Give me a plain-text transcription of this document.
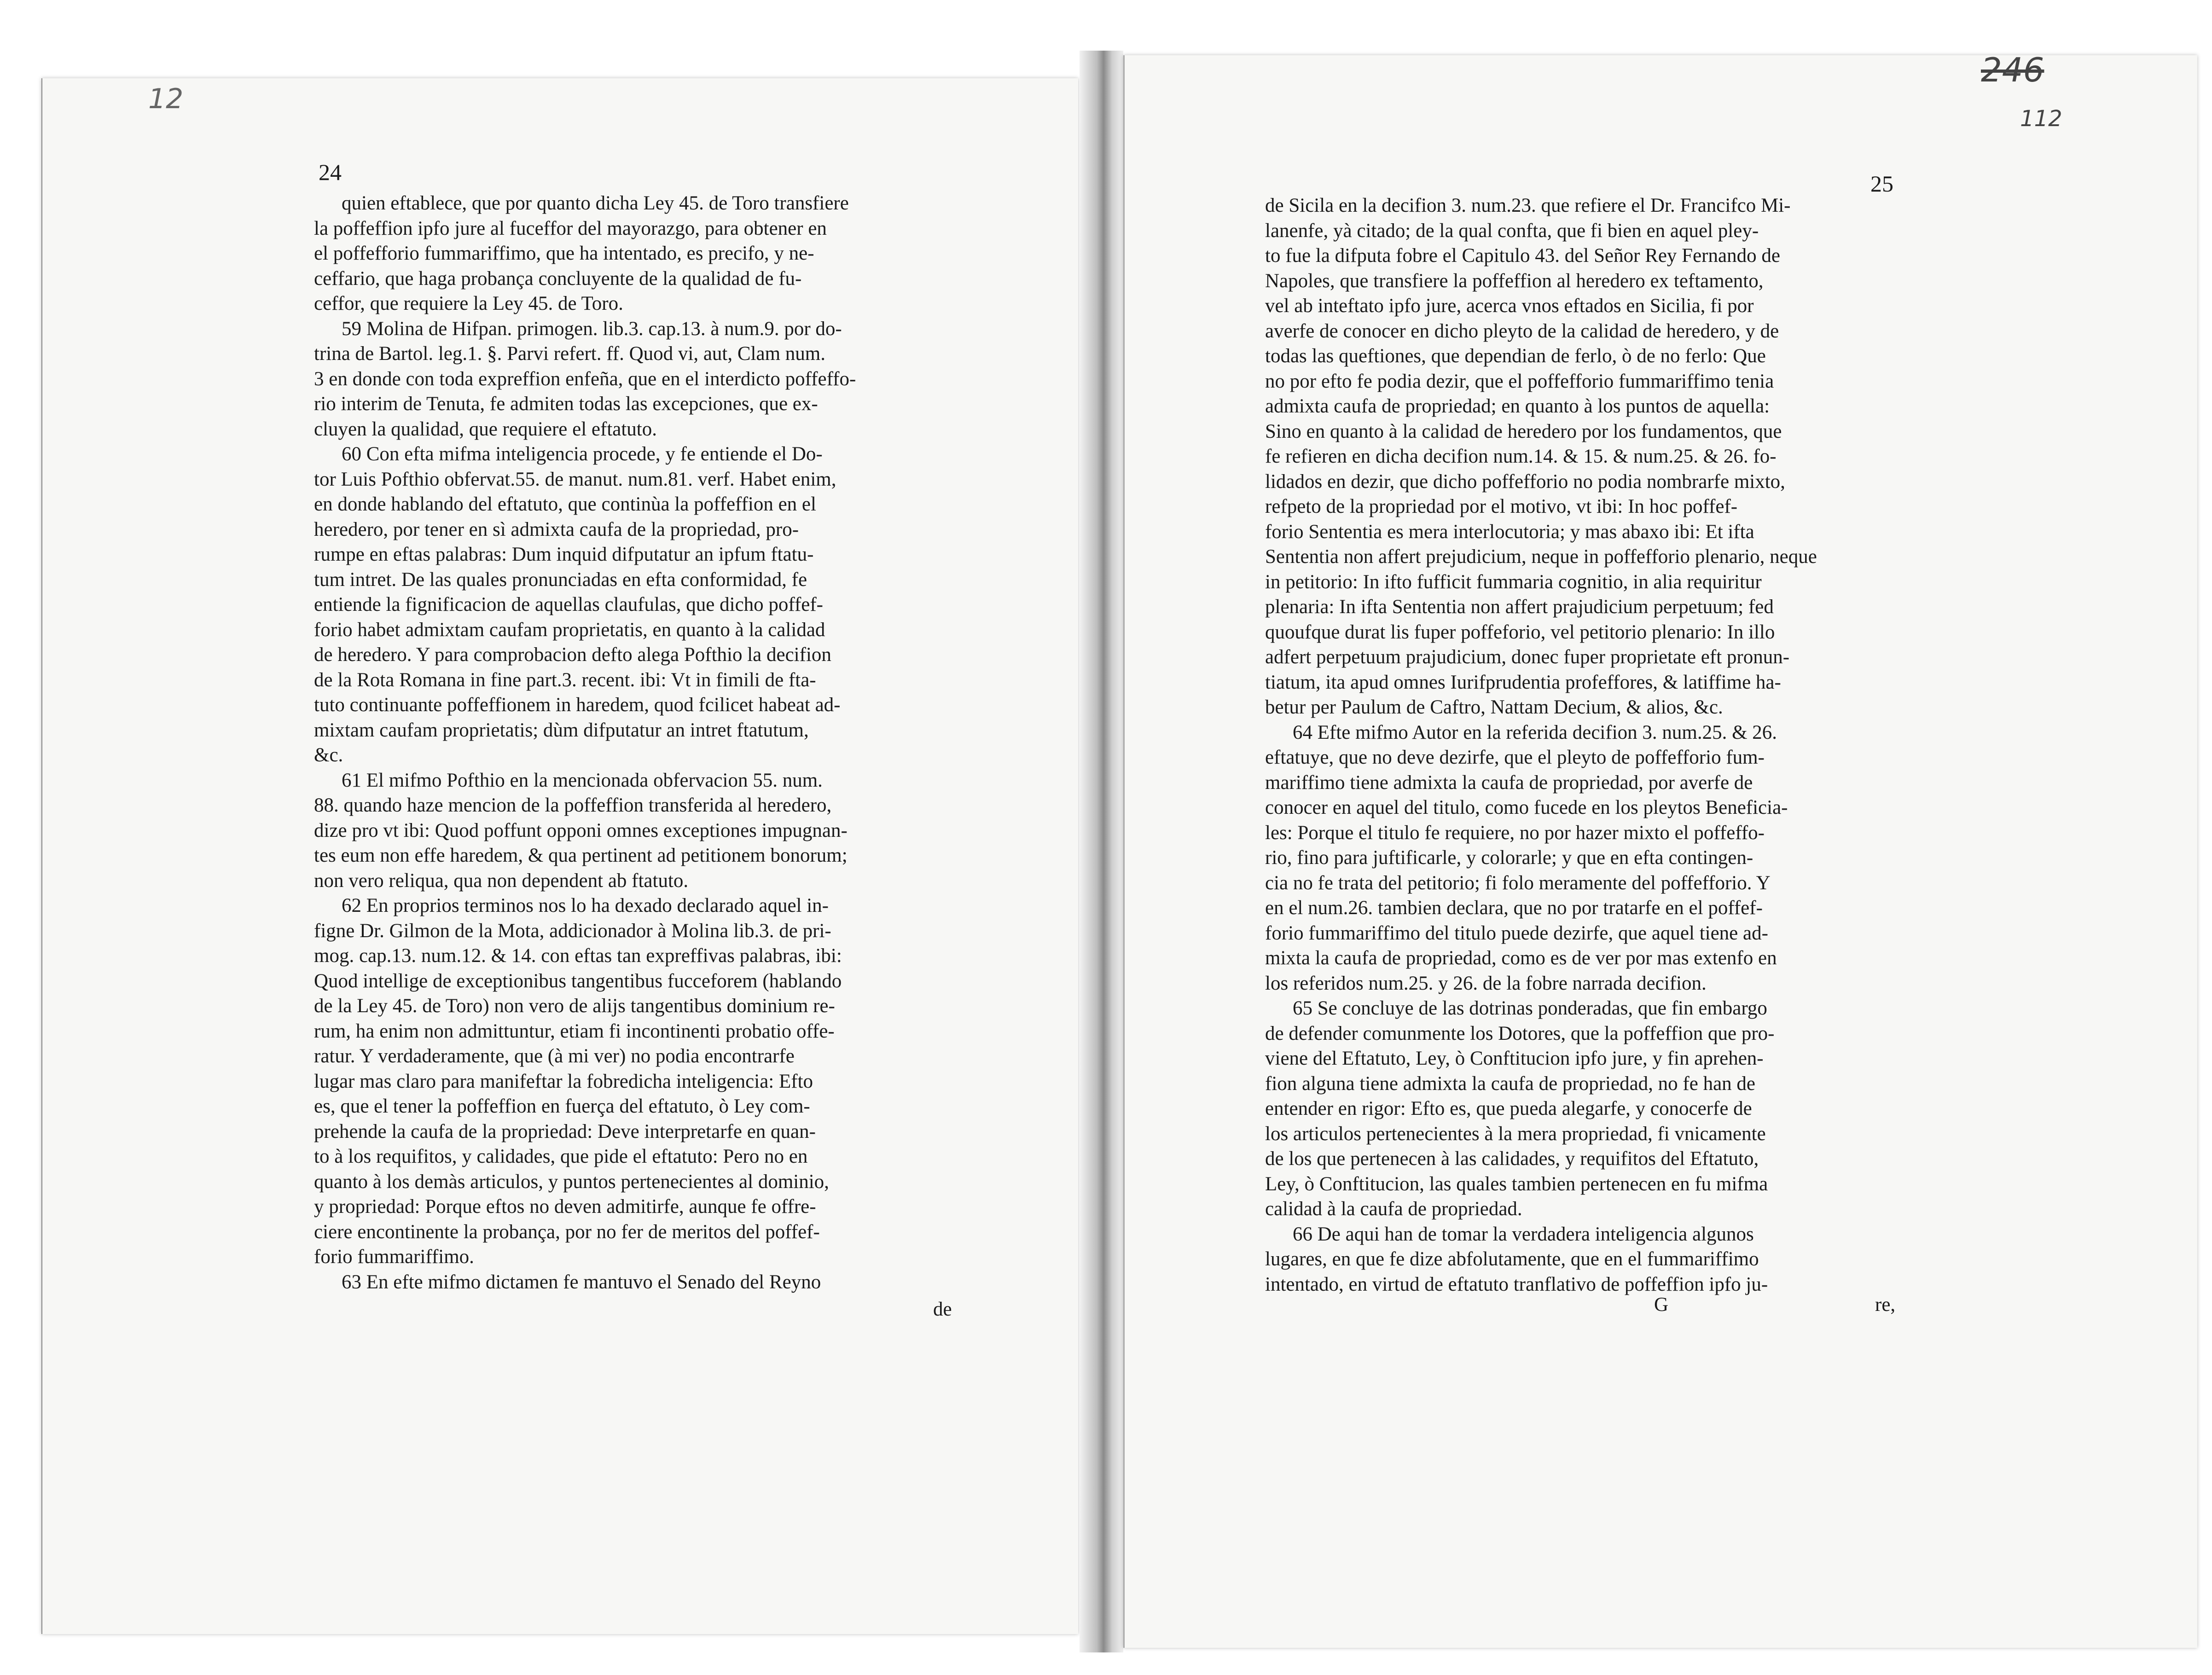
12
quien eftablece, que por quanto dicha Ley 45. de Toro transfiere
la poffeffion ipfo jure al fuceffor del mayorazgo, para obtener en
el poffefforio fummariffimo, que ha intentado, es precifo, y ne-
ceffario, que haga probança concluyente de la qualidad de fu-
ceffor, que requiere la Ley 45. de Toro.
59 Molina de Hifpan. primogen. lib.3. cap.13. à num.9. por do-
trina de Bartol. leg.1. §. Parvi refert. ff. Quod vi, aut, Clam num.
3 en donde con toda expreffion enfeña, que en el interdicto poffeffo-
rio interim de Tenuta, fe admiten todas las excepciones, que ex-
cluyen la qualidad, que requiere el eftatuto.
60 Con efta mifma inteligencia procede, y fe entiende el Do-
tor Luis Pofthio obfervat.55. de manut. num.81. verf. Habet enim,
en donde hablando del eftatuto, que continùa la poffeffion en el
heredero, por tener en sì admixta caufa de la propriedad, pro-
rumpe en eftas palabras: Dum inquid difputatur an ipfum ftatu-
tum intret. De las quales pronunciadas en efta conformidad, fe
entiende la fignificacion de aquellas claufulas, que dicho poffef-
forio habet admixtam caufam proprietatis, en quanto à la calidad
de heredero. Y para comprobacion defto alega Pofthio la decifion
de la Rota Romana in fine part.3. recent. ibi: Vt in fimili de fta-
tuto continuante poffeffionem in haredem, quod fcilicet habeat ad-
mixtam caufam proprietatis; dùm difputatur an intret ftatutum,
&c.
61 El mifmo Pofthio en la mencionada obfervacion 55. num.
88. quando haze mencion de la poffeffion transferida al heredero,
dize pro vt ibi: Quod poffunt opponi omnes exceptiones impugnan-
tes eum non effe haredem, & qua pertinent ad petitionem bonorum;
non vero reliqua, qua non dependent ab ftatuto.
62 En proprios terminos nos lo ha dexado declarado aquel in-
figne Dr. Gilmon de la Mota, addicionador à Molina lib.3. de pri-
mog. cap.13. num.12. & 14. con eftas tan expreffivas palabras, ibi:
Quod intellige de exceptionibus tangentibus fucceforem (hablando
de la Ley 45. de Toro) non vero de alijs tangentibus dominium re-
rum, ha enim non admittuntur, etiam fi incontinenti probatio offe-
ratur. Y verdaderamente, que (à mi ver) no podia encontrarfe
lugar mas claro para manifeftar la fobredicha inteligencia: Efto
es, que el tener la poffeffion en fuerça del eftatuto, ò Ley com-
prehende la caufa de la propriedad: Deve interpretarfe en quan-
to à los requifitos, y calidades, que pide el eftatuto: Pero no en
quanto à los demàs articulos, y puntos pertenecientes al dominio,
y propriedad: Porque eftos no deven admitirfe, aunque fe offre-
ciere encontinente la probança, por no fer de meritos del poffef-
forio fummariffimo.
63 En efte mifmo dictamen fe mantuvo el Senado del Reyno
24
de
246
112
25
de Sicila en la decifion 3. num.23. que refiere el Dr. Francifco Mi-
lanenfe, yà citado; de la qual confta, que fi bien en aquel pley-
to fue la difputa fobre el Capitulo 43. del Señor Rey Fernando de
Napoles, que transfiere la poffeffion al heredero ex teftamento,
vel ab inteftato ipfo jure, acerca vnos eftados en Sicilia, fi por
averfe de conocer en dicho pleyto de la calidad de heredero, y de
todas las queftiones, que dependian de ferlo, ò de no ferlo: Que
no por efto fe podia dezir, que el poffefforio fummariffimo tenia
admixta caufa de propriedad; en quanto à los puntos de aquella:
Sino en quanto à la calidad de heredero por los fundamentos, que
fe refieren en dicha decifion num.14. & 15. & num.25. & 26. fo-
lidados en dezir, que dicho poffefforio no podia nombrarfe mixto,
refpeto de la propriedad por el motivo, vt ibi: In hoc poffef-
forio Sententia es mera interlocutoria; y mas abaxo ibi: Et ifta
Sententia non affert prejudicium, neque in poffefforio plenario, neque
in petitorio: In ifto fufficit fummaria cognitio, in alia requiritur
plenaria: In ifta Sententia non affert prajudicium perpetuum; fed
quoufque durat lis fuper poffeforio, vel petitorio plenario: In illo
adfert perpetuum prajudicium, donec fuper proprietate eft pronun-
tiatum, ita apud omnes Iurifprudentia profeffores, & latiffime ha-
betur per Paulum de Caftro, Nattam Decium, & alios, &c.
64 Efte mifmo Autor en la referida decifion 3. num.25. & 26.
eftatuye, que no deve dezirfe, que el pleyto de poffefforio fum-
mariffimo tiene admixta la caufa de propriedad, por averfe de
conocer en aquel del titulo, como fucede en los pleytos Beneficia-
les: Porque el titulo fe requiere, no por hazer mixto el poffeffo-
rio, fino para juftificarle, y colorarle; y que en efta contingen-
cia no fe trata del petitorio; fi folo meramente del poffefforio. Y
en el num.26. tambien declara, que no por tratarfe en el poffef-
forio fummariffimo del titulo puede dezirfe, que aquel tiene ad-
mixta la caufa de propriedad, como es de ver por mas extenfo en
los referidos num.25. y 26. de la fobre narrada decifion.
65 Se concluye de las dotrinas ponderadas, que fin embargo
de defender comunmente los Dotores, que la poffeffion que pro-
viene del Eftatuto, Ley, ò Conftitucion ipfo jure, y fin aprehen-
fion alguna tiene admixta la caufa de propriedad, no fe han de
entender en rigor: Efto es, que pueda alegarfe, y conocerfe de
los articulos pertenecientes à la mera propriedad, fi vnicamente
de los que pertenecen à las calidades, y requifitos del Eftatuto,
Ley, ò Conftitucion, las quales tambien pertenecen en fu mifma
calidad à la caufa de propriedad.
66 De aqui han de tomar la verdadera inteligencia algunos
lugares, en que fe dize abfolutamente, que en el fummariffimo
intentado, en virtud de eftatuto tranflativo de poffeffion ipfo ju-
G	re,
